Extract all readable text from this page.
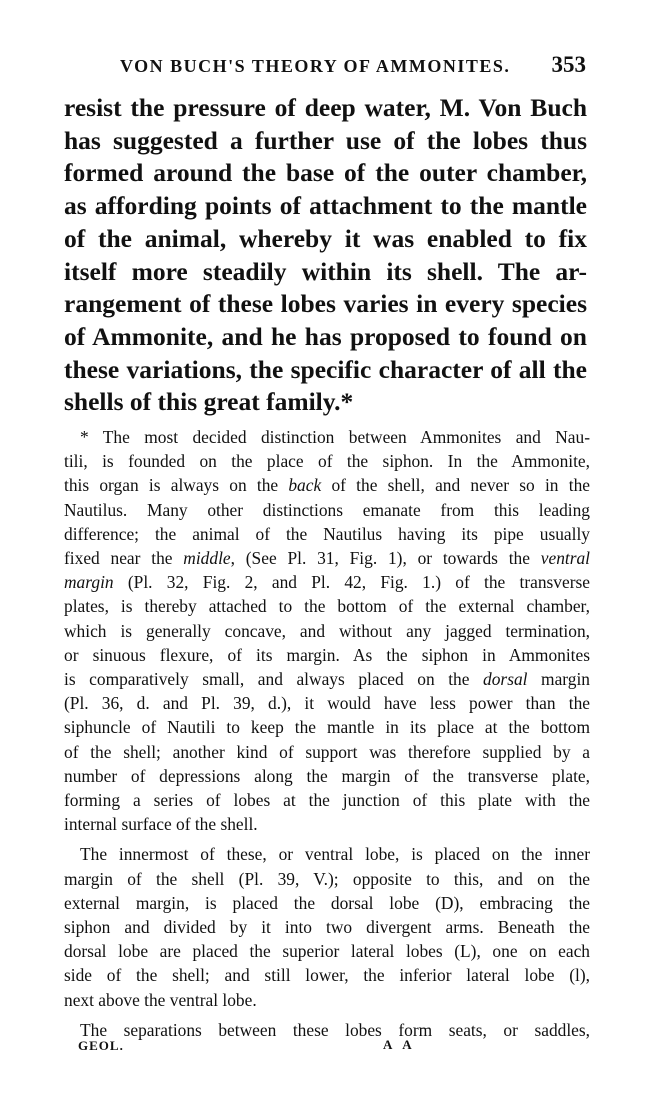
VON BUCH'S THEORY OF AMMONITES. 353
resist the pressure of deep water, M. Von Buch
has suggested a further use of the lobes thus
formed around the base of the outer chamber,
as affording points of attachment to the mantle
of the animal, whereby it was enabled to fix
itself more steadily within its shell. The ar-
rangement of these lobes varies in every species
of Ammonite, and he has proposed to found on
these variations, the specific character of all the
shells of this great family.*
* The most decided distinction between Ammonites and Nau-
tili, is founded on the place of the siphon. In the Ammonite,
this organ is always on the back of the shell, and never so in the
Nautilus. Many other distinctions emanate from this leading
difference; the animal of the Nautilus having its pipe usually
fixed near the middle, (See Pl. 31, Fig. 1), or towards the ventral
margin (Pl. 32, Fig. 2, and Pl. 42, Fig. 1.) of the transverse
plates, is thereby attached to the bottom of the external chamber,
which is generally concave, and without any jagged termination,
or sinuous flexure, of its margin. As the siphon in Ammonites
is comparatively small, and always placed on the dorsal margin
(Pl. 36, d. and Pl. 39, d.), it would have less power than the
siphuncle of Nautili to keep the mantle in its place at the bottom
of the shell; another kind of support was therefore supplied by a
number of depressions along the margin of the transverse plate,
forming a series of lobes at the junction of this plate with the
internal surface of the shell.
The innermost of these, or ventral lobe, is placed on the inner
margin of the shell (Pl. 39, V.); opposite to this, and on the
external margin, is placed the dorsal lobe (D), embracing the
siphon and divided by it into two divergent arms. Beneath the
dorsal lobe are placed the superior lateral lobes (L), one on each
side of the shell; and still lower, the inferior lateral lobe (l),
next above the ventral lobe.
The separations between these lobes form seats, or saddles,
GEOL.	A A
